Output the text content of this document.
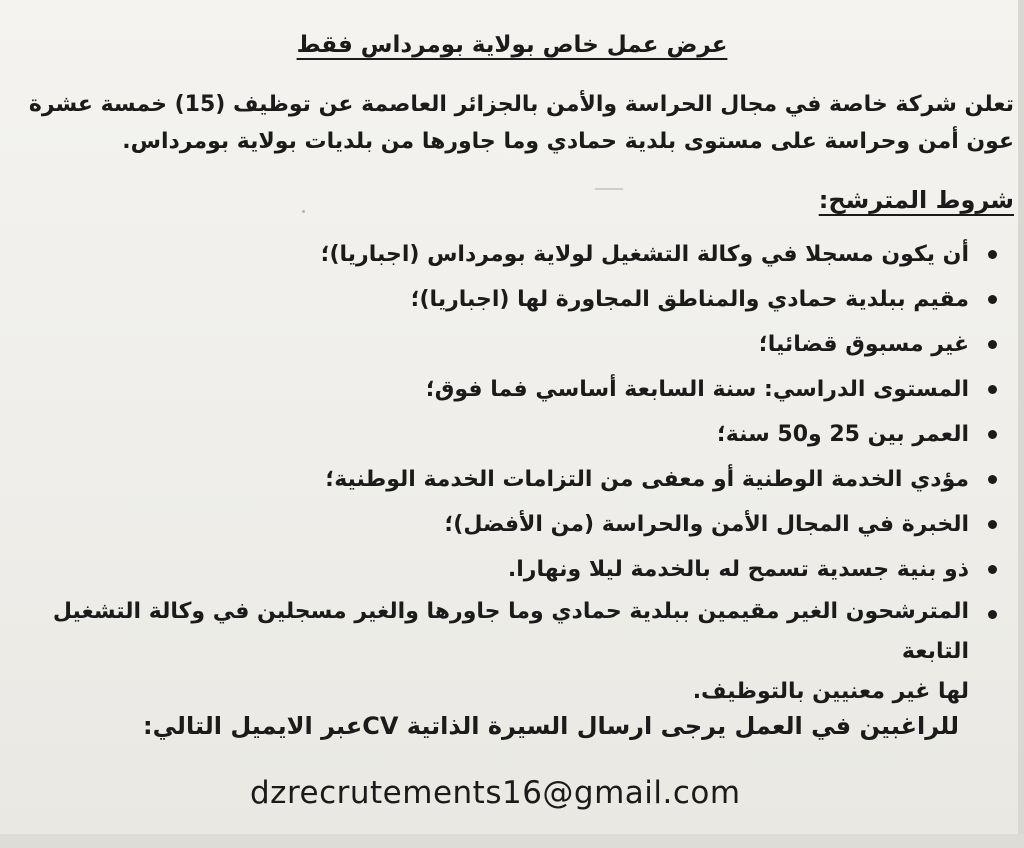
عرض عمل خاص بولاية بومرداس فقط
تعلن شركة خاصة في مجال الحراسة والأمن بالجزائر العاصمة عن توظيف (15) خمسة عشرة
عون أمن وحراسة على مستوى بلدية حمادي وما جاورها من بلديات بولاية بومرداس.
شروط المترشح:
أن يكون مسجلا في وكالة التشغيل لولاية بومرداس (اجباريا)؛
مقيم ببلدية حمادي والمناطق المجاورة لها (اجباريا)؛
غير مسبوق قضائيا؛
المستوى الدراسي: سنة السابعة أساسي فما فوق؛
العمر بين 25 و50 سنة؛
مؤدي الخدمة الوطنية أو معفى من التزامات الخدمة الوطنية؛
الخبرة في المجال الأمن والحراسة (من الأفضل)؛
ذو بنية جسدية تسمح له بالخدمة ليلا ونهارا.
المترشحون الغير مقيمين ببلدية حمادي وما جاورها والغير مسجلين في وكالة التشغيل التابعة
لها غير معنيين بالتوظيف.
للراغبين في العمل يرجى ارسال السيرة الذاتية CVعبر الايميل التالي:
dzrecrutements16@gmail.com
